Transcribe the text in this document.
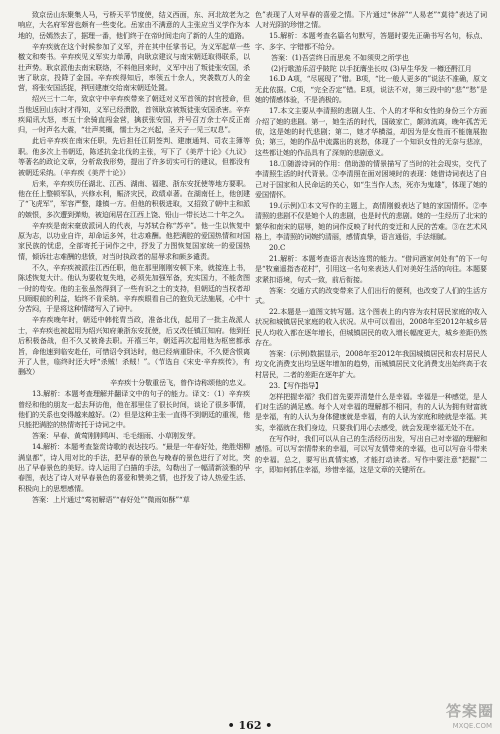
致京岳山东聚集人马，亏桥天平节度使，结义西面，东、河北故老为之响应，大名府军营也颇有一些变化。岳家由不满意的人主张应当义学作为本地的，岳嫣然去了，据理一番，他们终于在帝时间走向了新的人生的道路。

辛弃疾就在这个时候参加了义军，并在其中任掌书记，为义军起草一些檄文和奏书。辛弃疾见义军实力单薄，向耿京建议与南宋朝廷取得联系，以壮声势。耿京派他去南宋联络，不料他回来时，义军中出了叛徒张安国，杀害了耿京，投降了金国。辛弃疾得知后，率领五十余人，突袭数万人的金营，将张安国活捉，押回建康交给南宋朝廷处置。

绍兴三十二年，致京守中辛弃疾带来了朝廷对义军首领的封官授命，但当他返回山东时才得知，义军已经溃散，首领耿京被叛徒张安国杀害。辛弃疾闻讯大怒，率五十余骑直闯金营，擒获张安国，并号召万余士卒反正南归，一时声名大震，“壮声英概，懦士为之兴起，圣天子一见三叹息”。

此后辛弃疾在南宋任职，先后担任江阴签判、建康通判、司农主簿等职。他多次上书朝廷，陈述抗金北伐的主张，写下了《美芹十论》《九议》等著名的政论文章，分析敌我形势，提出了许多切实可行的建议，但都没有被朝廷采纳。（辛弃疾《美芹十论》）

后来，辛弃疾历任湖北、江西、湖南、福建、浙东安抚使等地方要职。他在任上整顿军队，兴修水利，赈济灾民，政绩卓著。在湖南任上，他创建了“飞虎军”，军容严整，雄镇一方。但他的积极进取，又招致了朝中主和派的嫉恨，多次遭到弹劾，被迫闲居在江西上饶、铅山一带长达二十年之久。

辛弃疾是南宋豪放派词人的代表，与苏轼合称“苏辛”。他一生以恢复中原为志，以功业自许，却命运多舛，壮志难酬。他把满腔的爱国热情和对国家民族的忧虑，全部寄托于词作之中，抒发了力图恢复国家统一的爱国热情，倾诉壮志难酬的悲愤，对当时执政者的屈辱求和颇多谴责。

不久，辛弃疾被派往江西任职，他在那里刚刚安顿下来，就接连上书，陈述恢复大计。他认为要收复失地，必须先加强军备，充实国力，不能贪图一时的苟安。他的主张虽然得到了一些有识之士的支持，但朝廷的当权者却只顾眼前的利益，始终不肯采纳。辛弃疾眼看自己的抱负无法施展，心中十分苦闷，于是将这种情绪写入了词中。

辛弃疾晚年时，朝廷中韩侂胄当政，准备北伐，起用了一批主战派人士，辛弃疾也被起用为绍兴知府兼浙东安抚使，后又改任镇江知府。他到任后积极备战，但不久又被谗去职。开禧三年，朝廷再次起用他为枢密都承旨，命他速到临安赴任，可惜诏令到达时，他已经病重卧床，不久便含恨离开了人世，临终时还大呼“杀贼！杀贼！”。（节选自《宋史·辛弃疾传》，有删改）

辛弃疾十分敬重岳飞，曾作诗称颂他的忠义。

13.解析：本题考查理解并翻译文中的句子的能力。译文：（1）辛弃疾曾经和他的朋友一起去拜访他，他在那里住了很长时间，谈论了很多事情，他们的关系也变得越来越好。（2）但是这种主张一直得不到朝廷的重视，他只能把满腔的热情寄托于诗词之中。

答案：早春、黄莺刚刚鸣叫、毛毛细雨、小草刚发芽。

14.解析：本题考查鉴赏诗歌的表达技巧。“最是一年春好处，绝胜烟柳满皇都”，诗人用对比的手法，把早春的景色与晚春的景色进行了对比，突出了早春景色的美好。诗人运用了白描的手法，勾勒出了一幅清新淡雅的早春图，表达了诗人对早春景色的喜爱和赞美之情，也抒发了诗人热爱生活、积极向上的思想感情。

答案：上片通过“莺初解语”“春好处”“微雨如酥”“草

色”表现了人对早春的喜爱之情。下片通过“休辞”“人易老”“莫待”表达了词人对光阴的珍惜之情。

15.解析：本题考查名篇名句默写，答题时要先正确书写名句，标点、字、多字、字错都不给分。

答案：(1)吾尝终日而思矣 不如须臾之所学也

(2)行歌游乐沼乎陂陀 以手抚膺坐长叹 (3)早生华发 一樽还酹江月

16.D A项，“尽展现了”错。B项，“比一般人更多的”说法不准确，原文无此依据。C项，“完全否定”错。E项，说法不对，第三段中的“悲”“愁”是她的情感体验，不是消极的。

17.本文主要从李清照的悲剧人生、个人的才华和女性的身份三个方面介绍了她的悲剧。第一，她生活的时代，国破家亡，颠沛流离，晚年孤苦无依，这是她的时代悲剧；第二，她才华横溢，却因为是女性而不能施展抱负；第三，她的作品中流露出的哀愁，体现了一个知识女性的无奈与悲凉，这些都让她的作品具有了深刻的悲剧意义。

18.①随游诗词的作用：借助游的情景描写了当时的社会现实，交代了李清照生活的时代背景。②李清照在面对困境时的表现：她借诗词表达了自己对于国家和人民命运的关心，如“生当作人杰，死亦为鬼雄”，体现了她的爱国情怀。

19.(示例)①本文写作的主题上，高情刚毅表达了她的家国情怀。②李清照的悲剧不仅是她个人的悲剧，也是时代的悲剧。她的一生经历了北宋的繁华和南宋的屈辱，她的词作反映了时代的变迁和人民的苦难。③在艺术风格上，李清照的词婉约清丽，感情真挚，语言通俗，手法细腻。

20.C

21.解析：本题考查语言表达连贯的能力。“借问酒家何处有”的下一句是“牧童遥指杏花村”，引用这一名句来表达人们对美好生活的向往。本题要求紧扣语境，句式一致，前后衔接。

答案：交通方式的改变带来了人们出行的便利，也改变了人们的生活方式。

22.本题是一道图文转写题。这个图表上的内容为农村居民家庭的收入状况和城镇居民家庭的收入状况。从中可以看出，2008年至2012年城乡居民人均收入都在逐年增长，但城镇居民的收入增长幅度更大，城乡差距仍然存在。

答案：(示例)数据显示，2008年至2012年我国城镇居民和农村居民人均文化消费支出均呈逐年增加的趋势，而城镇居民文化消费支出始终高于农村居民，二者的差距在逐年扩大。

23.【写作指导】

怎样把握幸福？我们首先要弄清楚什么是幸福。幸福是一种感觉，是人们对生活的满足感。每个人对幸福的理解都不相同，有的人认为拥有财富就是幸福，有的人认为身体健康就是幸福，有的人认为家庭和睦就是幸福。其实，幸福就在我们身边，只要我们用心去感受，就会发现幸福无处不在。

在写作时，我们可以从自己的生活经历出发，写出自己对幸福的理解和感悟。可以写亲情带来的幸福，可以写友情带来的幸福，也可以写奋斗带来的幸福。总之，要写出真情实感，才能打动读者。写作中要注意“把握”二字，即如何抓住幸福，珍惜幸福，这是文章的关键所在。

• 162 •
答案圈
MXQE.COM
